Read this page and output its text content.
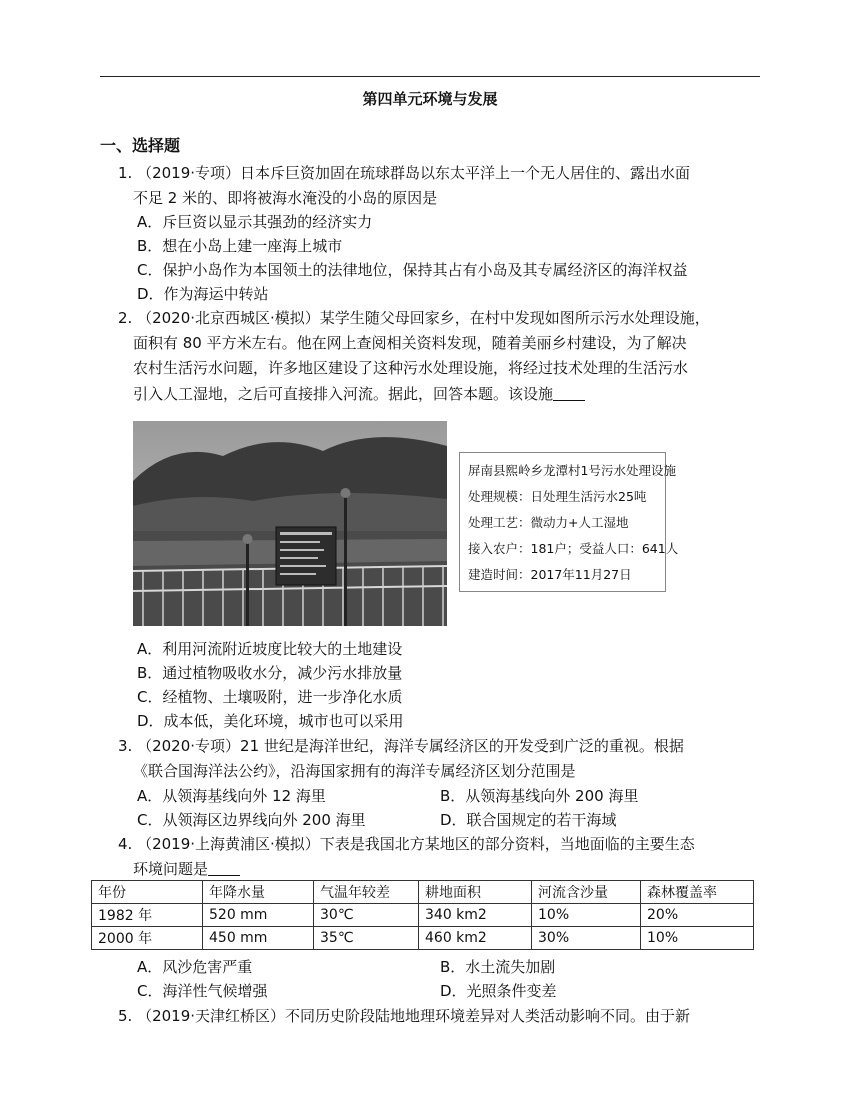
第四单元环境与发展
一、选择题
1. （2019·专项）日本斥巨资加固在琉球群岛以东太平洋上一个无人居住的、露出水面
不足 2 米的、即将被海水淹没的小岛的原因是
A．斥巨资以显示其强劲的经济实力
B．想在小岛上建一座海上城市
C．保护小岛作为本国领土的法律地位，保持其占有小岛及其专属经济区的海洋权益
D．作为海运中转站
2. （2020·北京西城区·模拟）某学生随父母回家乡，在村中发现如图所示污水处理设施，
面积有 80 平方米左右。他在网上查阅相关资料发现，随着美丽乡村建设，为了解决
农村生活污水问题，许多地区建设了这种污水处理设施，将经过技术处理的生活污水
引入人工湿地，之后可直接排入河流。据此，回答本题。该设施
屏南县熙岭乡龙潭村1号污水处理设施
处理规模：日处理生活污水25吨
处理工艺：微动力+人工湿地
接入农户：181户；受益人口：641人
建造时间：2017年11月27日
A．利用河流附近坡度比较大的土地建设
B．通过植物吸收水分，减少污水排放量
C．经植物、土壤吸附，进一步净化水质
D．成本低，美化环境，城市也可以采用
3. （2020·专项）21 世纪是海洋世纪，海洋专属经济区的开发受到广泛的重视。根据
《联合国海洋法公约》，沿海国家拥有的海洋专属经济区划分范围是
A．从领海基线向外 12 海里	B．从领海基线向外 200 海里
C．从领海区边界线向外 200 海里	D．联合国规定的若干海域
4. （2019·上海黄浦区·模拟）下表是我国北方某地区的部分资料，当地面临的主要生态
环境问题是
年份	年降水量	气温年较差	耕地面积	河流含沙量	森林覆盖率
1982 年	520 mm	30℃	340 km2	10%	20%
2000 年	450 mm	35℃	460 km2	30%	10%
A．风沙危害严重	B．水土流失加剧
C．海洋性气候增强	D．光照条件变差
5. （2019·天津红桥区）不同历史阶段陆地地理环境差异对人类活动影响不同。由于新
